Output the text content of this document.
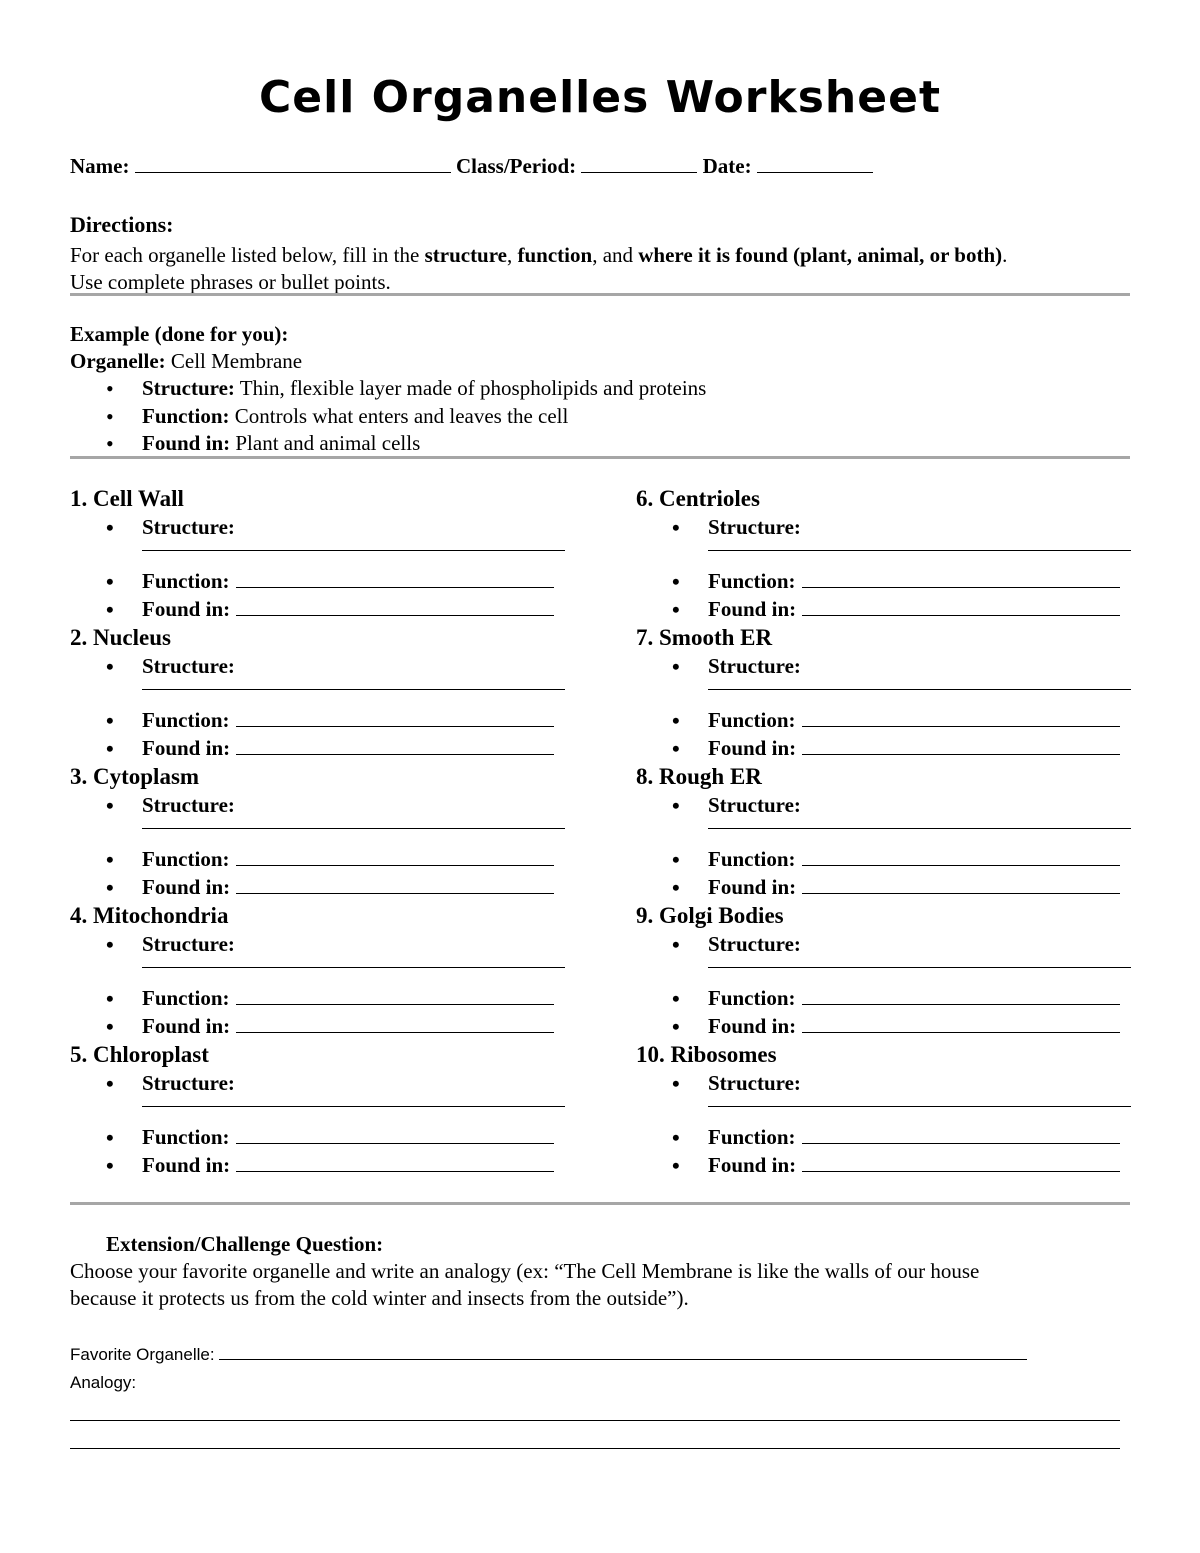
Cell Organelles Worksheet
Name:	Class/Period:	Date:
Directions:
For each organelle listed below, fill in the structure, function, and where it is found (plant, animal, or both).
Use complete phrases or bullet points.
Example (done for you):
Organelle: Cell Membrane
• Structure: Thin, flexible layer made of phospholipids and proteins
• Function: Controls what enters and leaves the cell
• Found in: Plant and animal cells
1. Cell Wall
• Structure:
• Function:
• Found in:
2. Nucleus
• Structure:
• Function:
• Found in:
3. Cytoplasm
• Structure:
• Function:
• Found in:
4. Mitochondria
• Structure:
• Function:
• Found in:
5. Chloroplast
• Structure:
• Function:
• Found in:
6. Centrioles
• Structure:
• Function:
• Found in:
7. Smooth ER
• Structure:
• Function:
• Found in:
8. Rough ER
• Structure:
• Function:
• Found in:
9. Golgi Bodies
• Structure:
• Function:
• Found in:
10. Ribosomes
• Structure:
• Function:
• Found in:
Extension/Challenge Question:
Choose your favorite organelle and write an analogy (ex: “The Cell Membrane is like the walls of our house
because it protects us from the cold winter and insects from the outside”).
Favorite Organelle:
Analogy:
